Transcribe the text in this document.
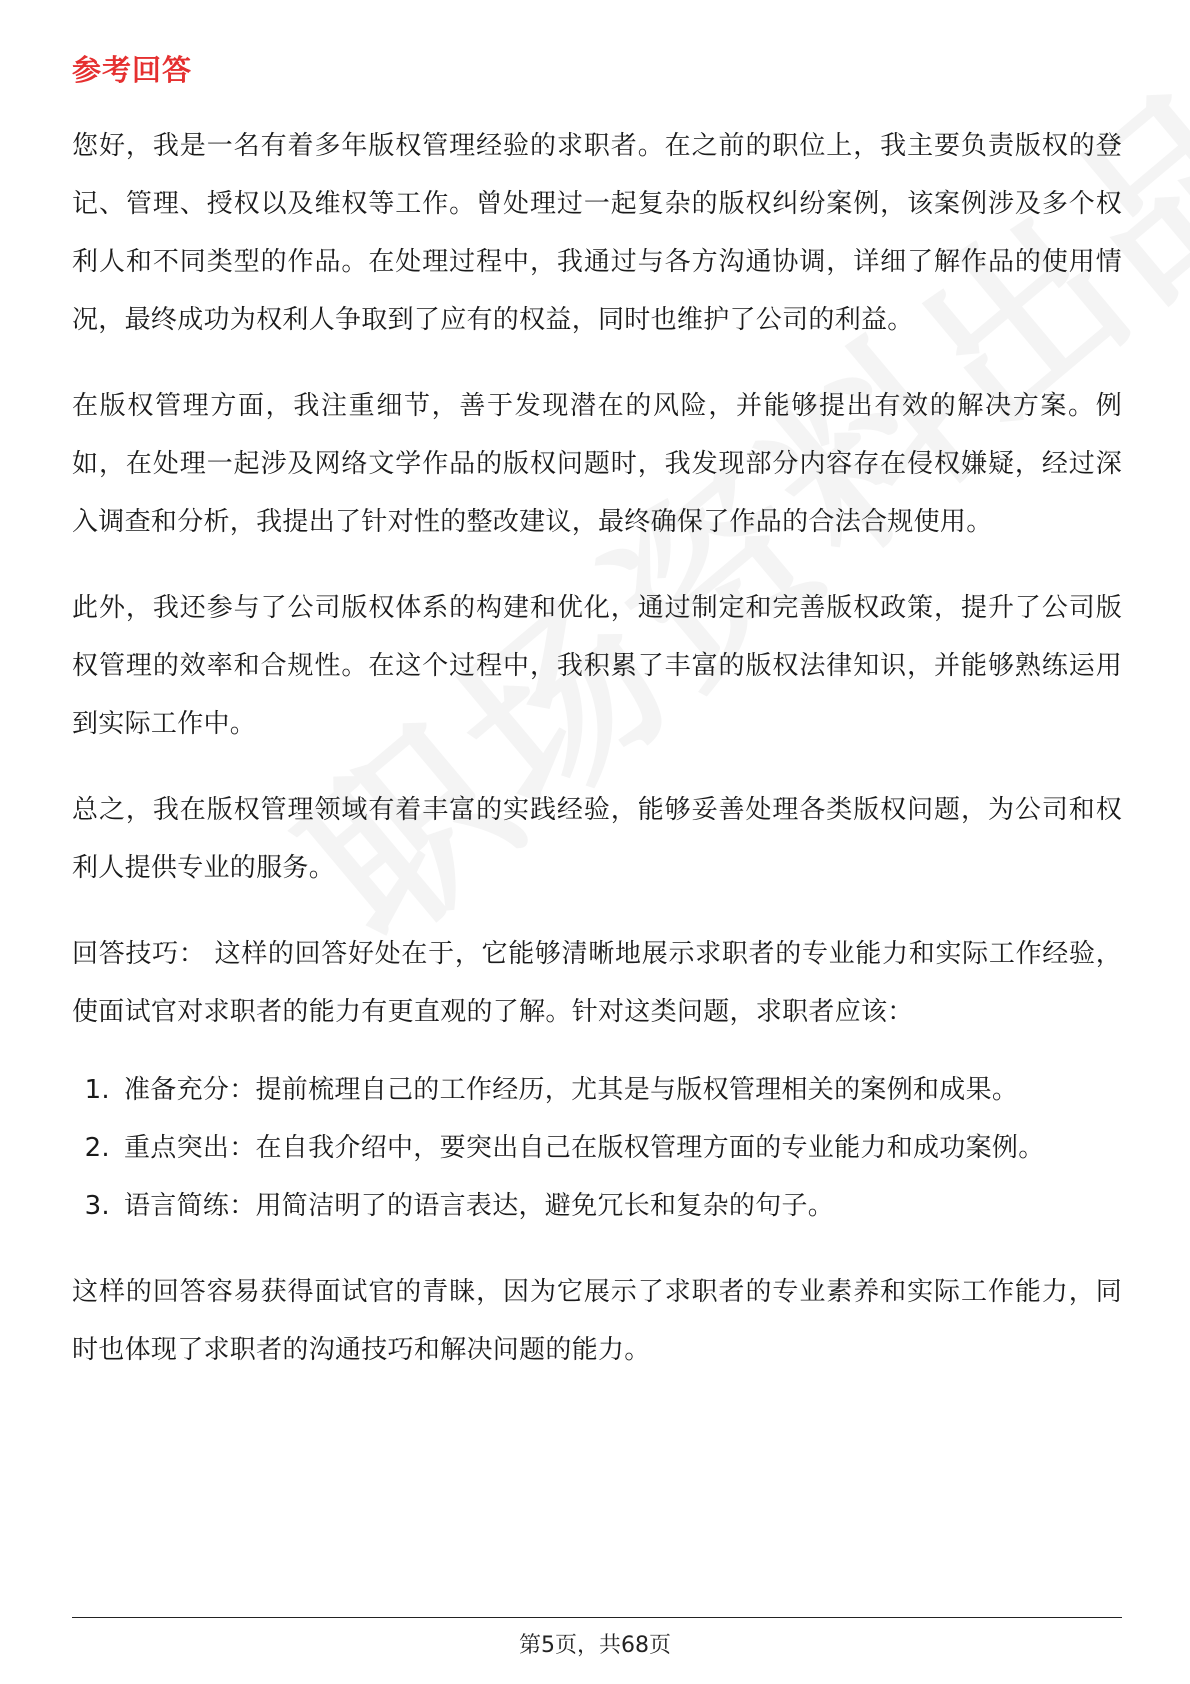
参考回答

您好，我是一名有着多年版权管理经验的求职者。在之前的职位上，我主要负责版权的登记、管理、授权以及维权等工作。曾处理过一起复杂的版权纠纷案例，该案例涉及多个权利人和不同类型的作品。在处理过程中，我通过与各方沟通协调，详细了解作品的使用情况，最终成功为权利人争取到了应有的权益，同时也维护了公司的利益。

在版权管理方面，我注重细节，善于发现潜在的风险，并能够提出有效的解决方案。例如，在处理一起涉及网络文学作品的版权问题时，我发现部分内容存在侵权嫌疑，经过深入调查和分析，我提出了针对性的整改建议，最终确保了作品的合法合规使用。

此外，我还参与了公司版权体系的构建和优化，通过制定和完善版权政策，提升了公司版权管理的效率和合规性。在这个过程中，我积累了丰富的版权法律知识，并能够熟练运用到实际工作中。

总之，我在版权管理领域有着丰富的实践经验，能够妥善处理各类版权问题，为公司和权利人提供专业的服务。

回答技巧： 这样的回答好处在于，它能够清晰地展示求职者的专业能力和实际工作经验，使面试官对求职者的能力有更直观的了解。针对这类问题，求职者应该：

1. 准备充分：提前梳理自己的工作经历，尤其是与版权管理相关的案例和成果。
2. 重点突出：在自我介绍中，要突出自己在版权管理方面的专业能力和成功案例。
3. 语言简练：用简洁明了的语言表达，避免冗长和复杂的句子。

这样的回答容易获得面试官的青睐，因为它展示了求职者的专业素养和实际工作能力，同时也体现了求职者的沟通技巧和解决问题的能力。

第5页，共68页
